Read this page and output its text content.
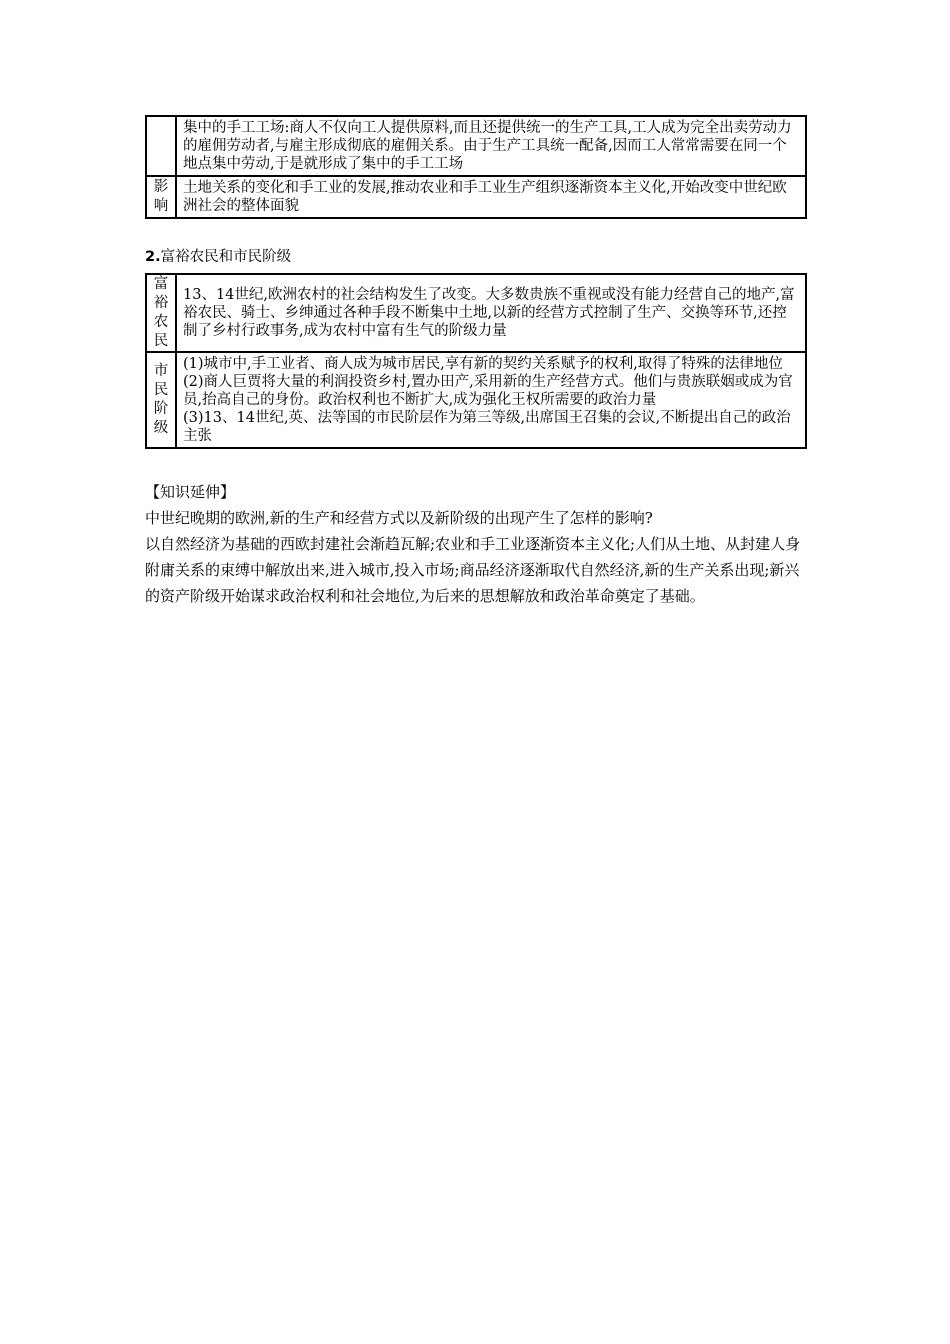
	集中的手工工场:商人不仅向工人提供原料,而且还提供统一的生产工具,工人成为完全出卖劳动力的雇佣劳动者,与雇主形成彻底的雇佣关系。由于生产工具统一配备,因而工人常常需要在同一个地点集中劳动,于是就形成了集中的手工工场
影响	土地关系的变化和手工业的发展,推动农业和手工业生产组织逐渐资本主义化,开始改变中世纪欧洲社会的整体面貌
2.富裕农民和市民阶级
富裕农民	13、14世纪,欧洲农村的社会结构发生了改变。大多数贵族不重视或没有能力经营自己的地产,富裕农民、骑士、乡绅通过各种手段不断集中土地,以新的经营方式控制了生产、交换等环节,还控制了乡村行政事务,成为农村中富有生气的阶级力量
市民阶级	(1)城市中,手工业者、商人成为城市居民,享有新的契约关系赋予的权利,取得了特殊的法律地位

(2)商人巨贾将大量的利润投资乡村,置办田产,采用新的生产经营方式。他们与贵族联姻或成为官员,抬高自己的身份。政治权利也不断扩大,成为强化王权所需要的政治力量

(3)13、14世纪,英、法等国的市民阶层作为第三等级,出席国王召集的会议,不断提出自己的政治主张

【知识延伸】

中世纪晚期的欧洲,新的生产和经营方式以及新阶级的出现产生了怎样的影响?

以自然经济为基础的西欧封建社会渐趋瓦解;农业和手工业逐渐资本主义化;人们从土地、从封建人身附庸关系的束缚中解放出来,进入城市,投入市场;商品经济逐渐取代自然经济,新的生产关系出现;新兴的资产阶级开始谋求政治权利和社会地位,为后来的思想解放和政治革命奠定了基础。
